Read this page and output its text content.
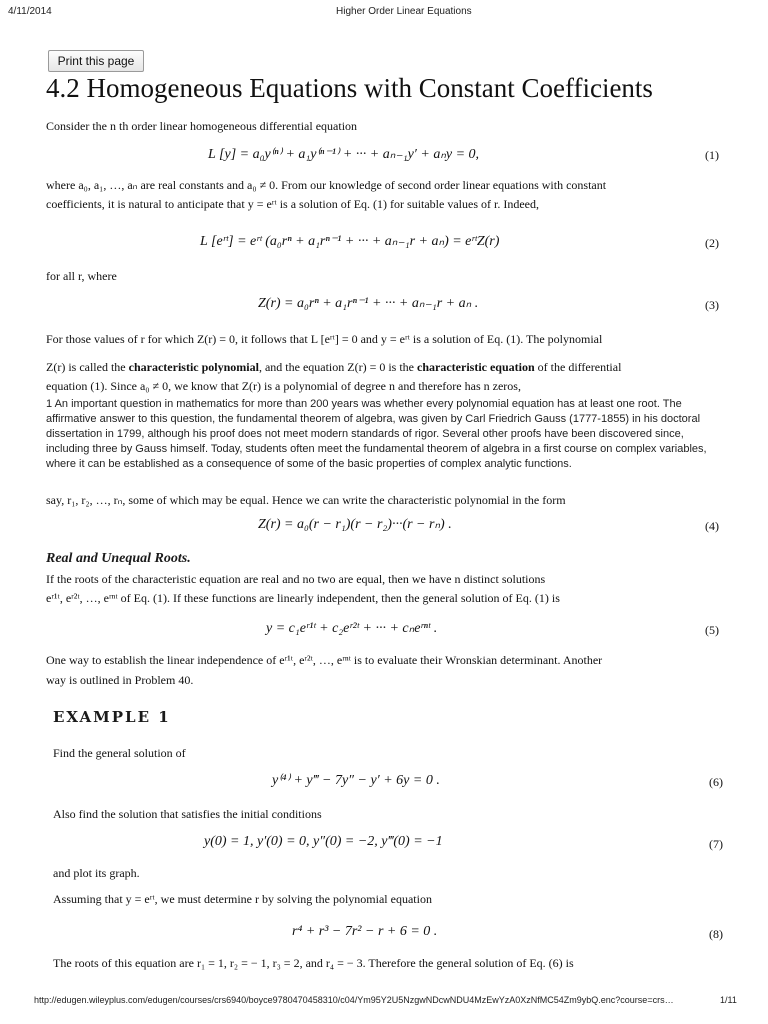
4/11/2014	Higher Order Linear Equations
Print this page
4.2 Homogeneous Equations with Constant Coefficients
Consider the n th order linear homogeneous differential equation
L [y] = a₀y⁽ⁿ⁾ + a₁y⁽ⁿ⁻¹⁾ + ··· + aₙ₋₁y′ + aₙy = 0,	(1)
where a₀, a₁, …, aₙ are real constants and a₀ ≠ 0. From our knowledge of second order linear equations with constant
coefficients, it is natural to anticipate that y = eʳᵗ is a solution of Eq. (1) for suitable values of r. Indeed,
L [eʳᵗ] = eʳᵗ (a₀rⁿ + a₁rⁿ⁻¹ + ··· + aₙ₋₁r + aₙ) = eʳᵗZ(r)	(2)
for all r, where
Z(r) = a₀rⁿ + a₁rⁿ⁻¹ + ··· + aₙ₋₁r + aₙ .	(3)
For those values of r for which Z(r) = 0, it follows that L [eʳᵗ] = 0 and y = eʳᵗ is a solution of Eq. (1). The polynomial
Z(r) is called the characteristic polynomial, and the equation Z(r) = 0 is the characteristic equation of the differential
equation (1). Since a₀ ≠ 0, we know that Z(r) is a polynomial of degree n and therefore has n zeros,
1 An important question in mathematics for more than 200 years was whether every polynomial equation has at least one root. The affirmative answer to this question, the fundamental theorem of algebra, was given by Carl Friedrich Gauss (1777-1855) in his doctoral dissertation in 1799, although his proof does not meet modern standards of rigor. Several other proofs have been discovered since, including three by Gauss himself. Today, students often meet the fundamental theorem of algebra in a first course on complex variables, where it can be established as a consequence of some of the basic properties of complex analytic functions.
say, r₁, r₂, …, rₙ, some of which may be equal. Hence we can write the characteristic polynomial in the form
Z(r) = a₀(r − r₁)(r − r₂)···(r − rₙ) .	(4)
Real and Unequal Roots.
If the roots of the characteristic equation are real and no two are equal, then we have n distinct solutions
eʳ¹ᵗ, eʳ²ᵗ, …, eʳⁿᵗ of Eq. (1). If these functions are linearly independent, then the general solution of Eq. (1) is
y = c₁eʳ¹ᵗ + c₂eʳ²ᵗ + ··· + cₙeʳⁿᵗ .	(5)
One way to establish the linear independence of eʳ¹ᵗ, eʳ²ᵗ, …, eʳⁿᵗ is to evaluate their Wronskian determinant. Another
way is outlined in Problem 40.
EXAMPLE 1
Find the general solution of
y⁽⁴⁾ + y‴ − 7y″ − y′ + 6y = 0 .	(6)
Also find the solution that satisfies the initial conditions
y(0) = 1, y′(0) = 0, y″(0) = −2, y‴(0) = −1	(7)
and plot its graph.
Assuming that y = eʳᵗ, we must determine r by solving the polynomial equation
r⁴ + r³ − 7r² − r + 6 = 0 .	(8)
The roots of this equation are r₁ = 1, r₂ = − 1, r₃ = 2, and r₄ = − 3. Therefore the general solution of Eq. (6) is
http://edugen.wileyplus.com/edugen/courses/crs6940/boyce9780470458310/c04/Ym95Y2U5NzgwNDcwNDU4MzEwYzA0XzNfMC54Zm9ybQ.enc?course=crs…	1/11
